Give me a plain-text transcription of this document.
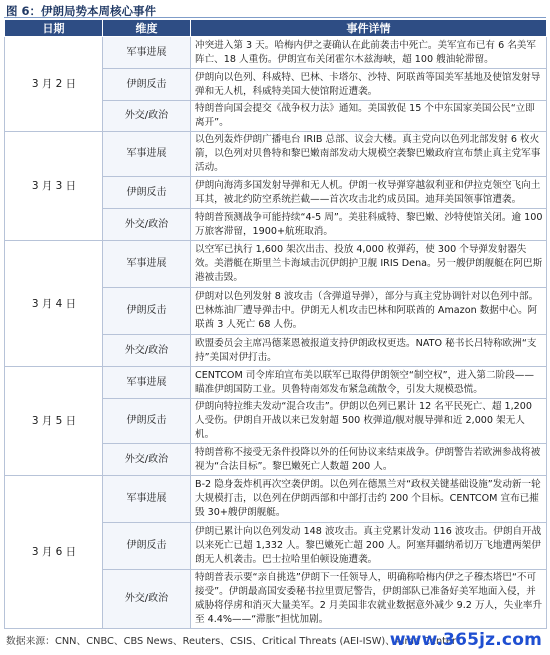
图 6：伊朗局势本周核心事件
日期	维度	事件详情
3 月 2 日	军事进展	冲突进入第 3 天。哈梅内伊之妻确认在此前袭击中死亡。美军宣布已有 6 名美军阵亡、18 人重伤。伊朗宣布关闭霍尔木兹海峡，超 100 艘油轮滞留。
	伊朗反击	伊朗向以色列、科威特、巴林、卡塔尔、沙特、阿联酋等国美军基地及使馆发射导弹和无人机，科威特美国大使馆附近遭袭。
	外交/政治	特朗普向国会提交《战争权力法》通知。美国敦促 15 个中东国家美国公民“立即离开”。
3 月 3 日	军事进展	以色列轰炸伊朗广播电台 IRIB 总部、议会大楼。真主党向以色列北部发射 6 枚火箭，以色列对贝鲁特和黎巴嫩南部发动大规模空袭黎巴嫩政府宣布禁止真主党军事活动。
	伊朗反击	伊朗向海湾多国发射导弹和无人机。伊朗一枚导弹穿越叙利亚和伊拉克领空飞向土耳其，被北约防空系统拦截——首次攻击北约成员国。迪拜美国领事馆遭袭。
	外交/政治	特朗普预测战争可能持续“4-5 周”。美驻科威特、黎巴嫩、沙特使馆关闭。逾 100 万旅客滞留，1900+航班取消。
3 月 4 日	军事进展	以空军已执行 1,600 架次出击、投放 4,000 枚弹药，使 300 个导弹发射器失效。美潜艇在斯里兰卡海域击沉伊朗护卫舰 IRIS Dena。另一艘伊朗舰艇在阿巴斯港被击毁。
	伊朗反击	伊朗对以色列发射 8 波攻击（含弹道导弹），部分与真主党协调针对以色列中部。巴林炼油厂遭导弹击中。伊朗无人机攻击巴林和阿联酋的 Amazon 数据中心。阿联酋 3 人死亡 68 人伤。
	外交/政治	欧盟委员会主席冯德莱恩被报道支持伊朗政权更迭。NATO 秘书长吕特称欧洲“支持”美国对伊打击。
3 月 5 日	军事进展	CENTCOM 司令库珀宣布美以联军已取得伊朗领空“制空权”，进入第二阶段——瞄准伊朗国防工业。贝鲁特南郊发布紧急疏散令，引发大规模恐慌。
	伊朗反击	伊朗向特拉维夫发动“混合攻击”。伊朗以色列已累计 12 名平民死亡、超 1,200 人受伤。伊朗自开战以来已发射超 500 枚弹道/舰对舰导弹和近 2,000 架无人机。
	外交/政治	特朗普称不接受无条件投降以外的任何协议来结束战争。伊朗警告若欧洲参战将被视为“合法目标”。黎巴嫩死亡人数超 200 人。
3 月 6 日	军事进展	B-2 隐身轰炸机再次空袭伊朗。以色列在德黑兰对“政权关键基础设施”发动新一轮大规模打击，以色列在伊朗西部和中部打击约 200 个目标。CENTCOM 宣布已摧毁 30+艘伊朗舰艇。
	伊朗反击	伊朗已累计向以色列发动 148 波攻击。真主党累计发动 116 波攻击。伊朗自开战以来死亡已超 1,332 人。黎巴嫩死亡超 200 人。阿塞拜疆纳希切万飞地遭两架伊朗无人机袭击。巴士拉哈里伯顿设施遭袭。
	外交/政治	特朗普表示要“亲自挑选”伊朗下一任领导人，明确称哈梅内伊之子穆杰塔巴“不可接受”。伊朗最高国安委秘书拉里贾尼警告，伊朗部队已准备好美军地面入侵，并威胁将俘虏和消灭大量美军。2 月美国非农就业数据意外减少 9.2 万人，失业率升至 4.4%——“滞胀”担忧加剧。
数据来源：CNN、CNBC、CBS News、Reuters、CSIS、Critical Threats (AEI-ISW)、Alma Center
www.365jz.com
